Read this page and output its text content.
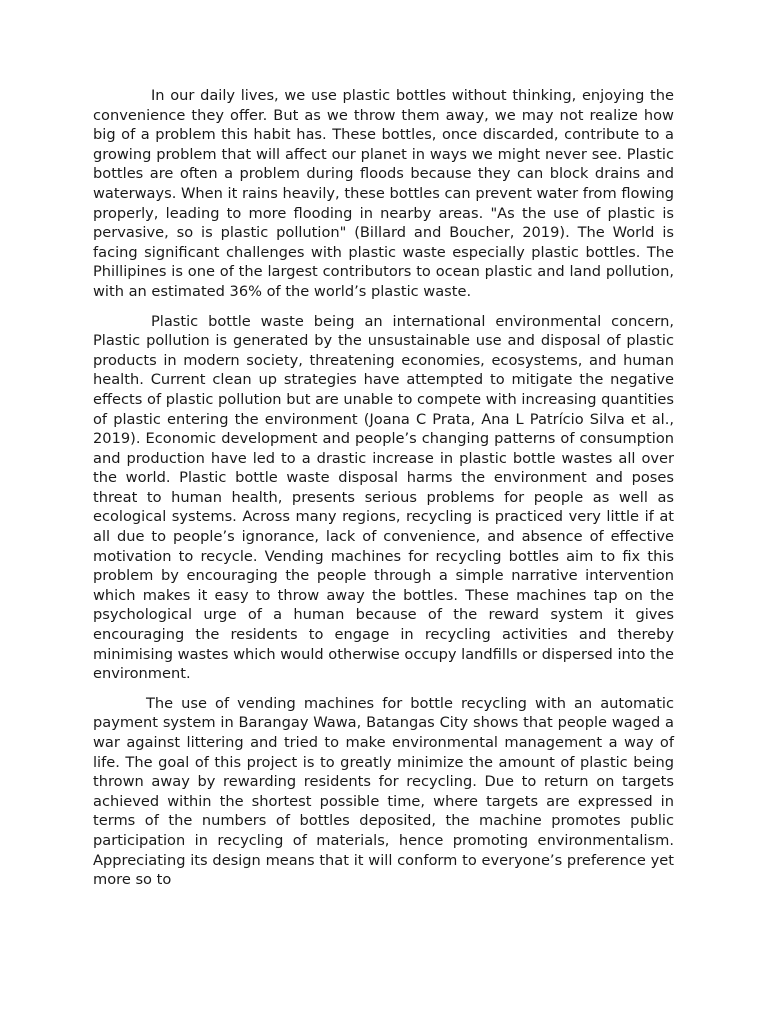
In our daily lives, we use plastic bottles without thinking, enjoying the convenience they offer. But as we throw them away, we may not realize how big of a problem this habit has. These bottles, once discarded, contribute to a growing problem that will affect our planet in ways we might never see. Plastic bottles are often a problem during floods because they can block drains and waterways. When it rains heavily, these bottles can prevent water from flowing properly, leading to more flooding in nearby areas. "As the use of plastic is pervasive, so is plastic pollution" (Billard and Boucher, 2019). The World is facing significant challenges with plastic waste especially plastic bottles. The Phillipines is one of the largest contributors to ocean plastic and land pollution, with an estimated 36% of the world’s plastic waste.

Plastic bottle waste being an international environmental concern, Plastic pollution is generated by the unsustainable use and disposal of plastic products in modern society, threatening economies, ecosystems, and human health. Current clean up strategies have attempted to mitigate the negative effects of plastic pollution but are unable to compete with increasing quantities of plastic entering the environment (Joana C Prata, Ana L Patrício Silva et al., 2019). Economic development and people’s changing patterns of consumption and production have led to a drastic increase in plastic bottle wastes all over the world. Plastic bottle waste disposal harms the environment and poses threat to human health, presents serious problems for people as well as ecological systems. Across many regions, recycling is practiced very little if at all due to people’s ignorance, lack of convenience, and absence of effective motivation to recycle. Vending machines for recycling bottles aim to fix this problem by encouraging the people through a simple narrative intervention which makes it easy to throw away the bottles. These machines tap on the psychological urge of a human because of the reward system it gives encouraging the residents to engage in recycling activities and thereby minimising wastes which would otherwise occupy landfills or dispersed into the environment.

The use of vending machines for bottle recycling with an automatic payment system in Barangay Wawa, Batangas City shows that people waged a war against littering and tried to make environmental management a way of life. The goal of this project is to greatly minimize the amount of plastic being thrown away by rewarding residents for recycling. Due to return on targets achieved within the shortest possible time, where targets are expressed in terms of the numbers of bottles deposited, the machine promotes public participation in recycling of materials, hence promoting environmentalism. Appreciating its design means that it will conform to everyone’s preference yet more so to
